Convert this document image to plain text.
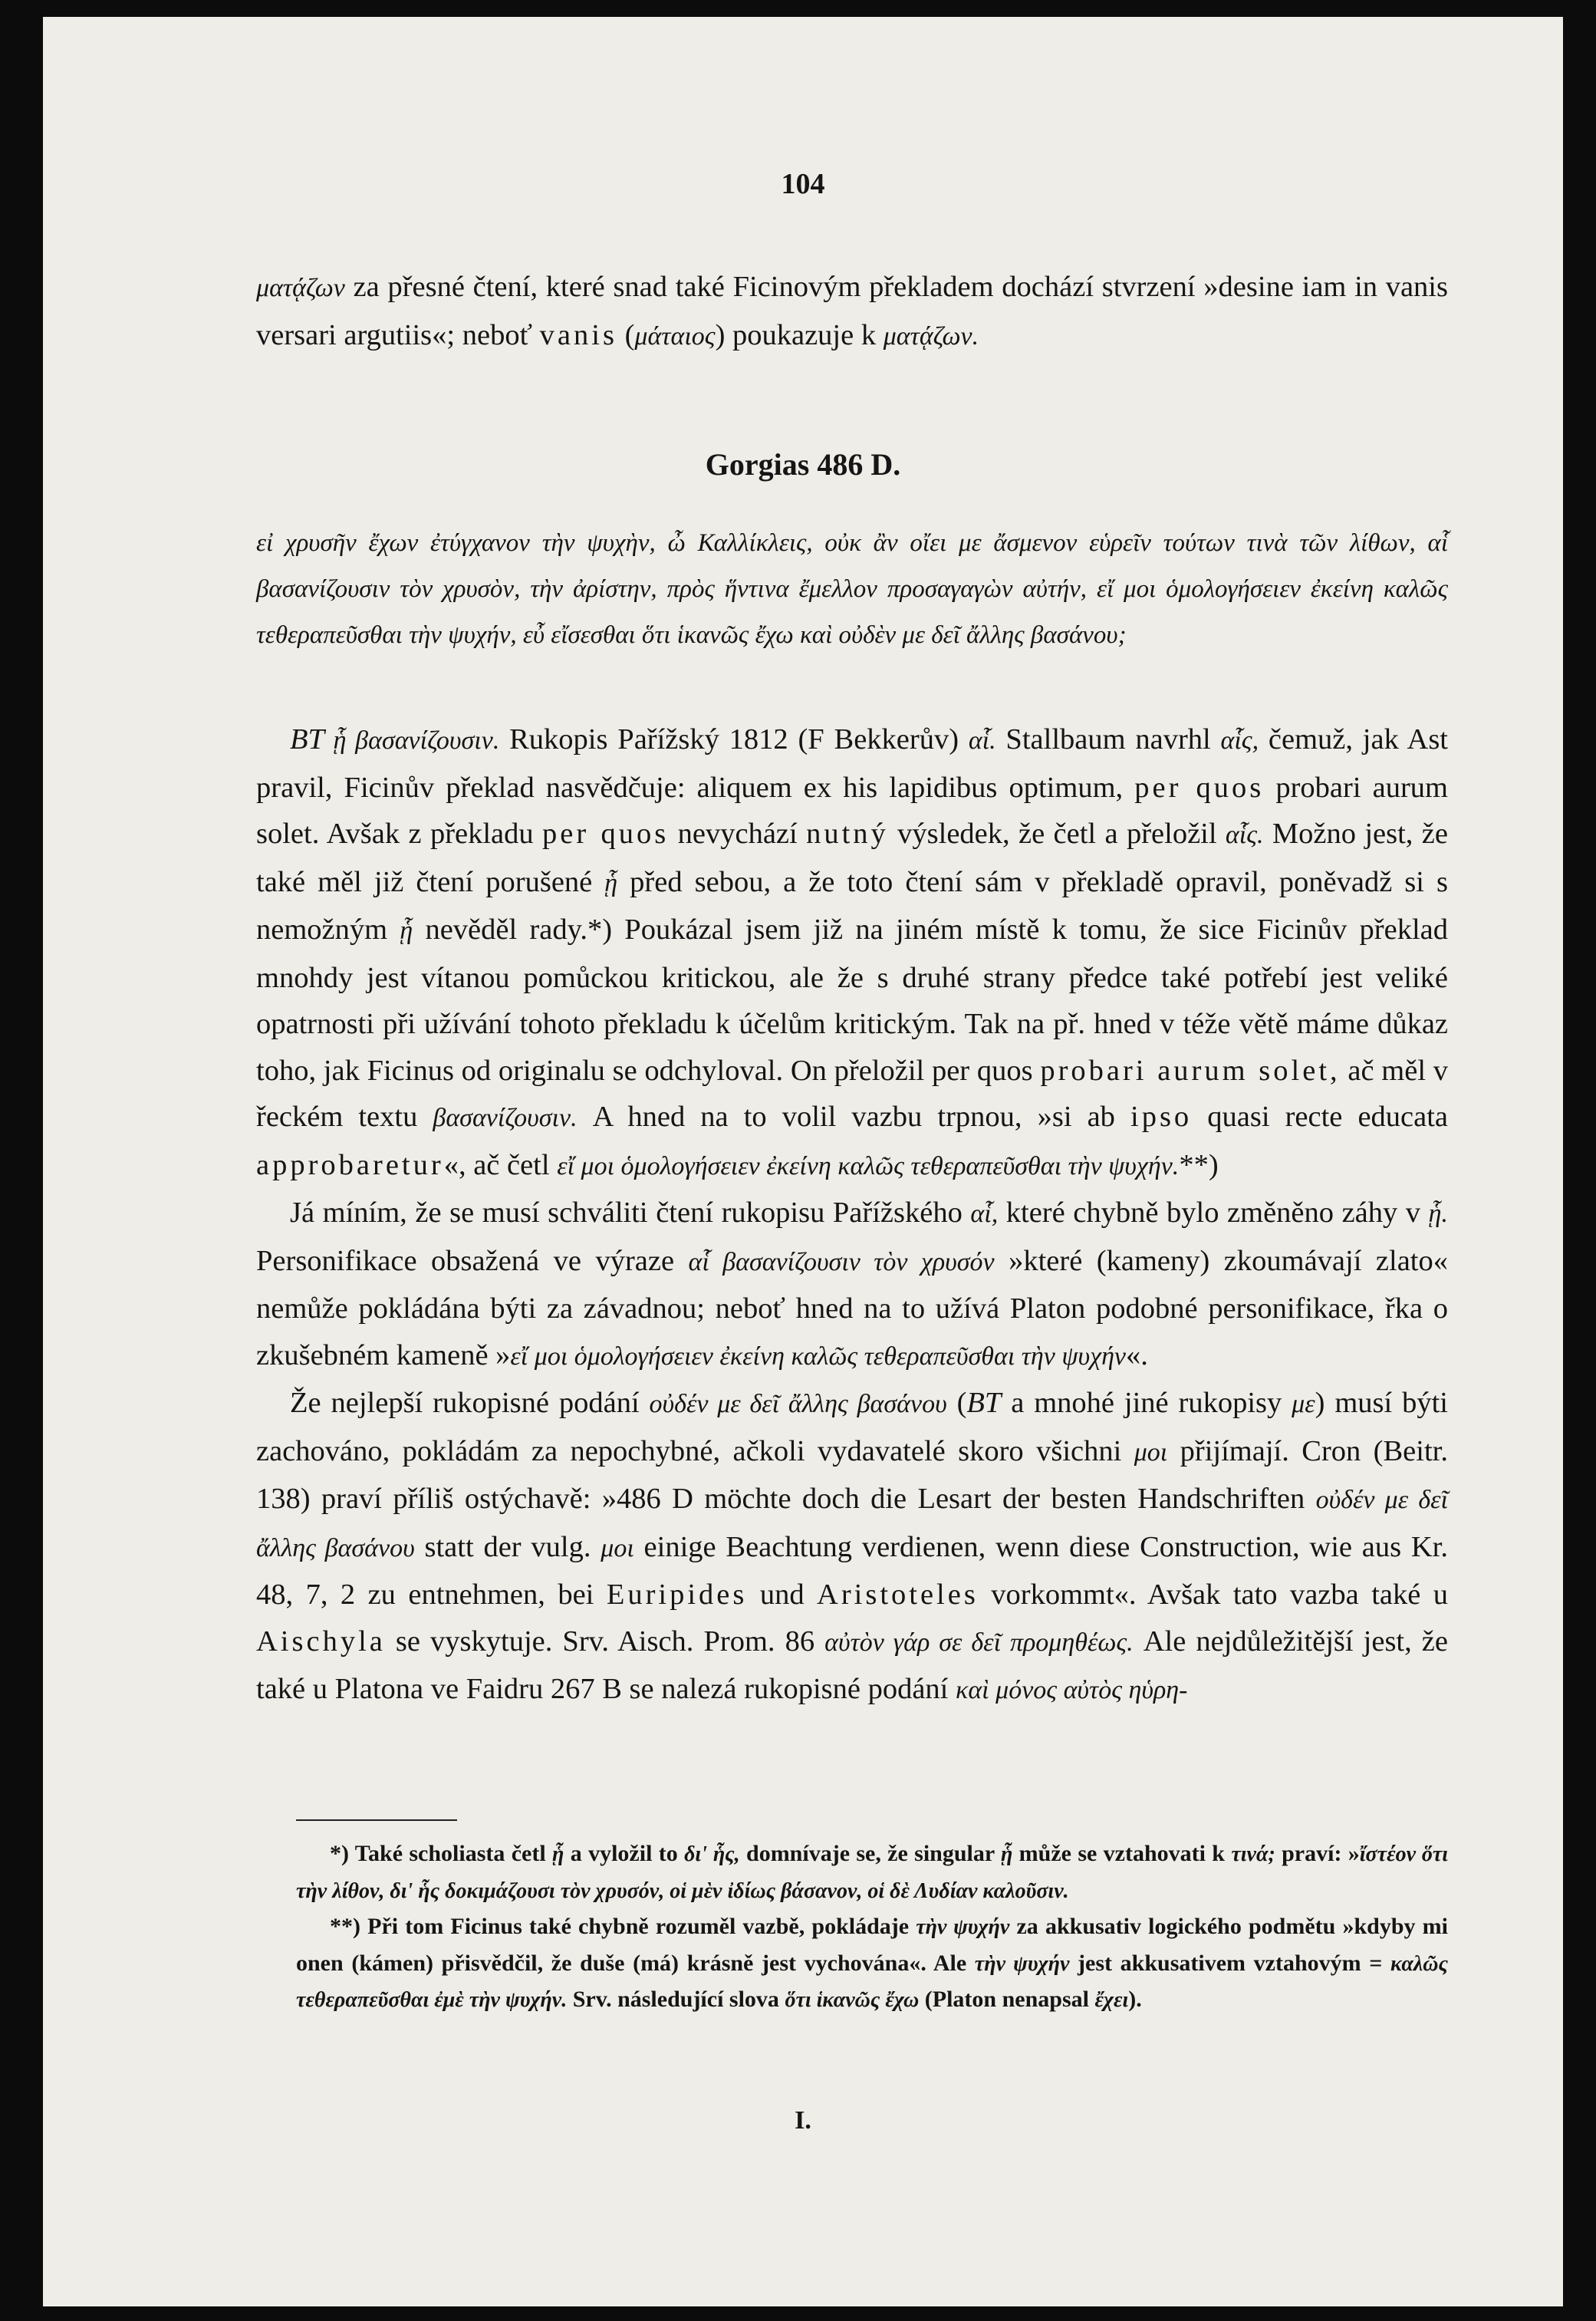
104

ματᾴζων za přesné čtení, které snad také Ficinovým překladem dochází stvrzení »desine iam in vanis versari argutiis«; neboť vanis (μάταιος) poukazuje k ματᾴζων.

Gorgias 486 D.
εἰ χρυσῆν ἔχων ἐτύγχανον τὴν ψυχὴν, ὦ Καλλίκλεις, οὐκ ἂν οἴει με ἄσμενον εὑρεῖν τούτων τινὰ τῶν λίθων, αἷ βασανίζουσιν τὸν χρυσὸν, τὴν ἀρίστην, πρὸς ἥντινα ἔμελλον προσαγαγὼν αὐτήν, εἴ μοι ὁμολογήσειεν ἐκείνη καλῶς τεθεραπεῦσθαι τὴν ψυχήν, εὖ εἴσεσθαι ὅτι ἱκανῶς ἔχω καὶ οὐδὲν με δεῖ ἄλλης βασάνου;

BT ᾗ βασανίζουσιν. Rukopis Pařížský 1812 (F Bekkerův) αἷ. Stallbaum navrhl αἷς, čemuž, jak Ast pravil, Ficinův překlad nasvědčuje: aliquem ex his lapidibus optimum, per quos probari aurum solet. Avšak z překladu per quos nevychází nutný výsledek, že četl a přeložil αἷς. Možno jest, že také měl již čtení porušené ᾗ před sebou, a že toto čtení sám v překladě opravil, poněvadž si s nemožným ᾗ nevěděl rady.*) Poukázal jsem již na jiném místě k tomu, že sice Ficinův překlad mnohdy jest vítanou pomůckou kritickou, ale že s druhé strany předce také potřebí jest veliké opatrnosti při užívání tohoto překladu k účelům kritickým. Tak na př. hned v téže větě máme důkaz toho, jak Ficinus od originalu se odchyloval. On přeložil per quos probari aurum solet, ač měl v řeckém textu βασανίζουσιν. A hned na to volil vazbu trpnou, »si ab ipso quasi recte educata approbaretur«, ač četl εἴ μοι ὁμολογήσειεν ἐκείνη καλῶς τεθεραπεῦσθαι τὴν ψυχήν.**)

Já míním, že se musí schváliti čtení rukopisu Pařížského αἷ, které chybně bylo změněno záhy v ᾗ. Personifikace obsažená ve výraze αἷ βασανίζουσιν τὸν χρυσόν »které (kameny) zkoumávají zlato« nemůže pokládána býti za závadnou; neboť hned na to užívá Platon podobné personifikace, řka o zkušebném kameně »εἴ μοι ὁμολογήσειεν ἐκείνη καλῶς τεθεραπεῦσθαι τὴν ψυχήν«.

Že nejlepší rukopisné podání οὐδέν με δεῖ ἄλλης βασάνου (BT a mnohé jiné rukopisy με) musí býti zachováno, pokládám za nepochybné, ačkoli vydavatelé skoro všichni μοι přijímají. Cron (Beitr. 138) praví příliš ostýchavě: »486 D möchte doch die Lesart der besten Handschriften οὐδέν με δεῖ ἄλλης βασάνου statt der vulg. μοι einige Beachtung verdienen, wenn diese Construction, wie aus Kr. 48, 7, 2 zu entnehmen, bei Euripides und Aristoteles vorkommt«. Avšak tato vazba také u Aischyla se vyskytuje. Srv. Aisch. Prom. 86 αὐτὸν γάρ σε δεῖ προμηθέως. Ale nejdůležitější jest, že také u Platona ve Faidru 267 B se nalezá rukopisné podání καὶ μόνος αὐτὸς ηὑρη-

*) Také scholiasta četl ᾗ a vyložil to δι' ἧς, domnívaje se, že singular ᾗ může se vztahovati k τινά; praví: »ἴστέον ὅτι τὴν λίθον, δι' ἧς δοκιμάζουσι τὸν χρυσόν, οἱ μὲν ἰδίως βάσανον, οἱ δὲ Λυδίαν καλοῦσιν.

**) Při tom Ficinus také chybně rozuměl vazbě, pokládaje τὴν ψυχήν za akkusativ logického podmětu »kdyby mi onen (kámen) přisvědčil, že duše (má) krásně jest vychována«. Ale τὴν ψυχήν jest akkusativem vztahovým = καλῶς τεθεραπεῦσθαι ἐμὲ τὴν ψυχήν. Srv. následující slova ὅτι ἱκανῶς ἔχω (Platon nenapsal ἔχει).

I.
